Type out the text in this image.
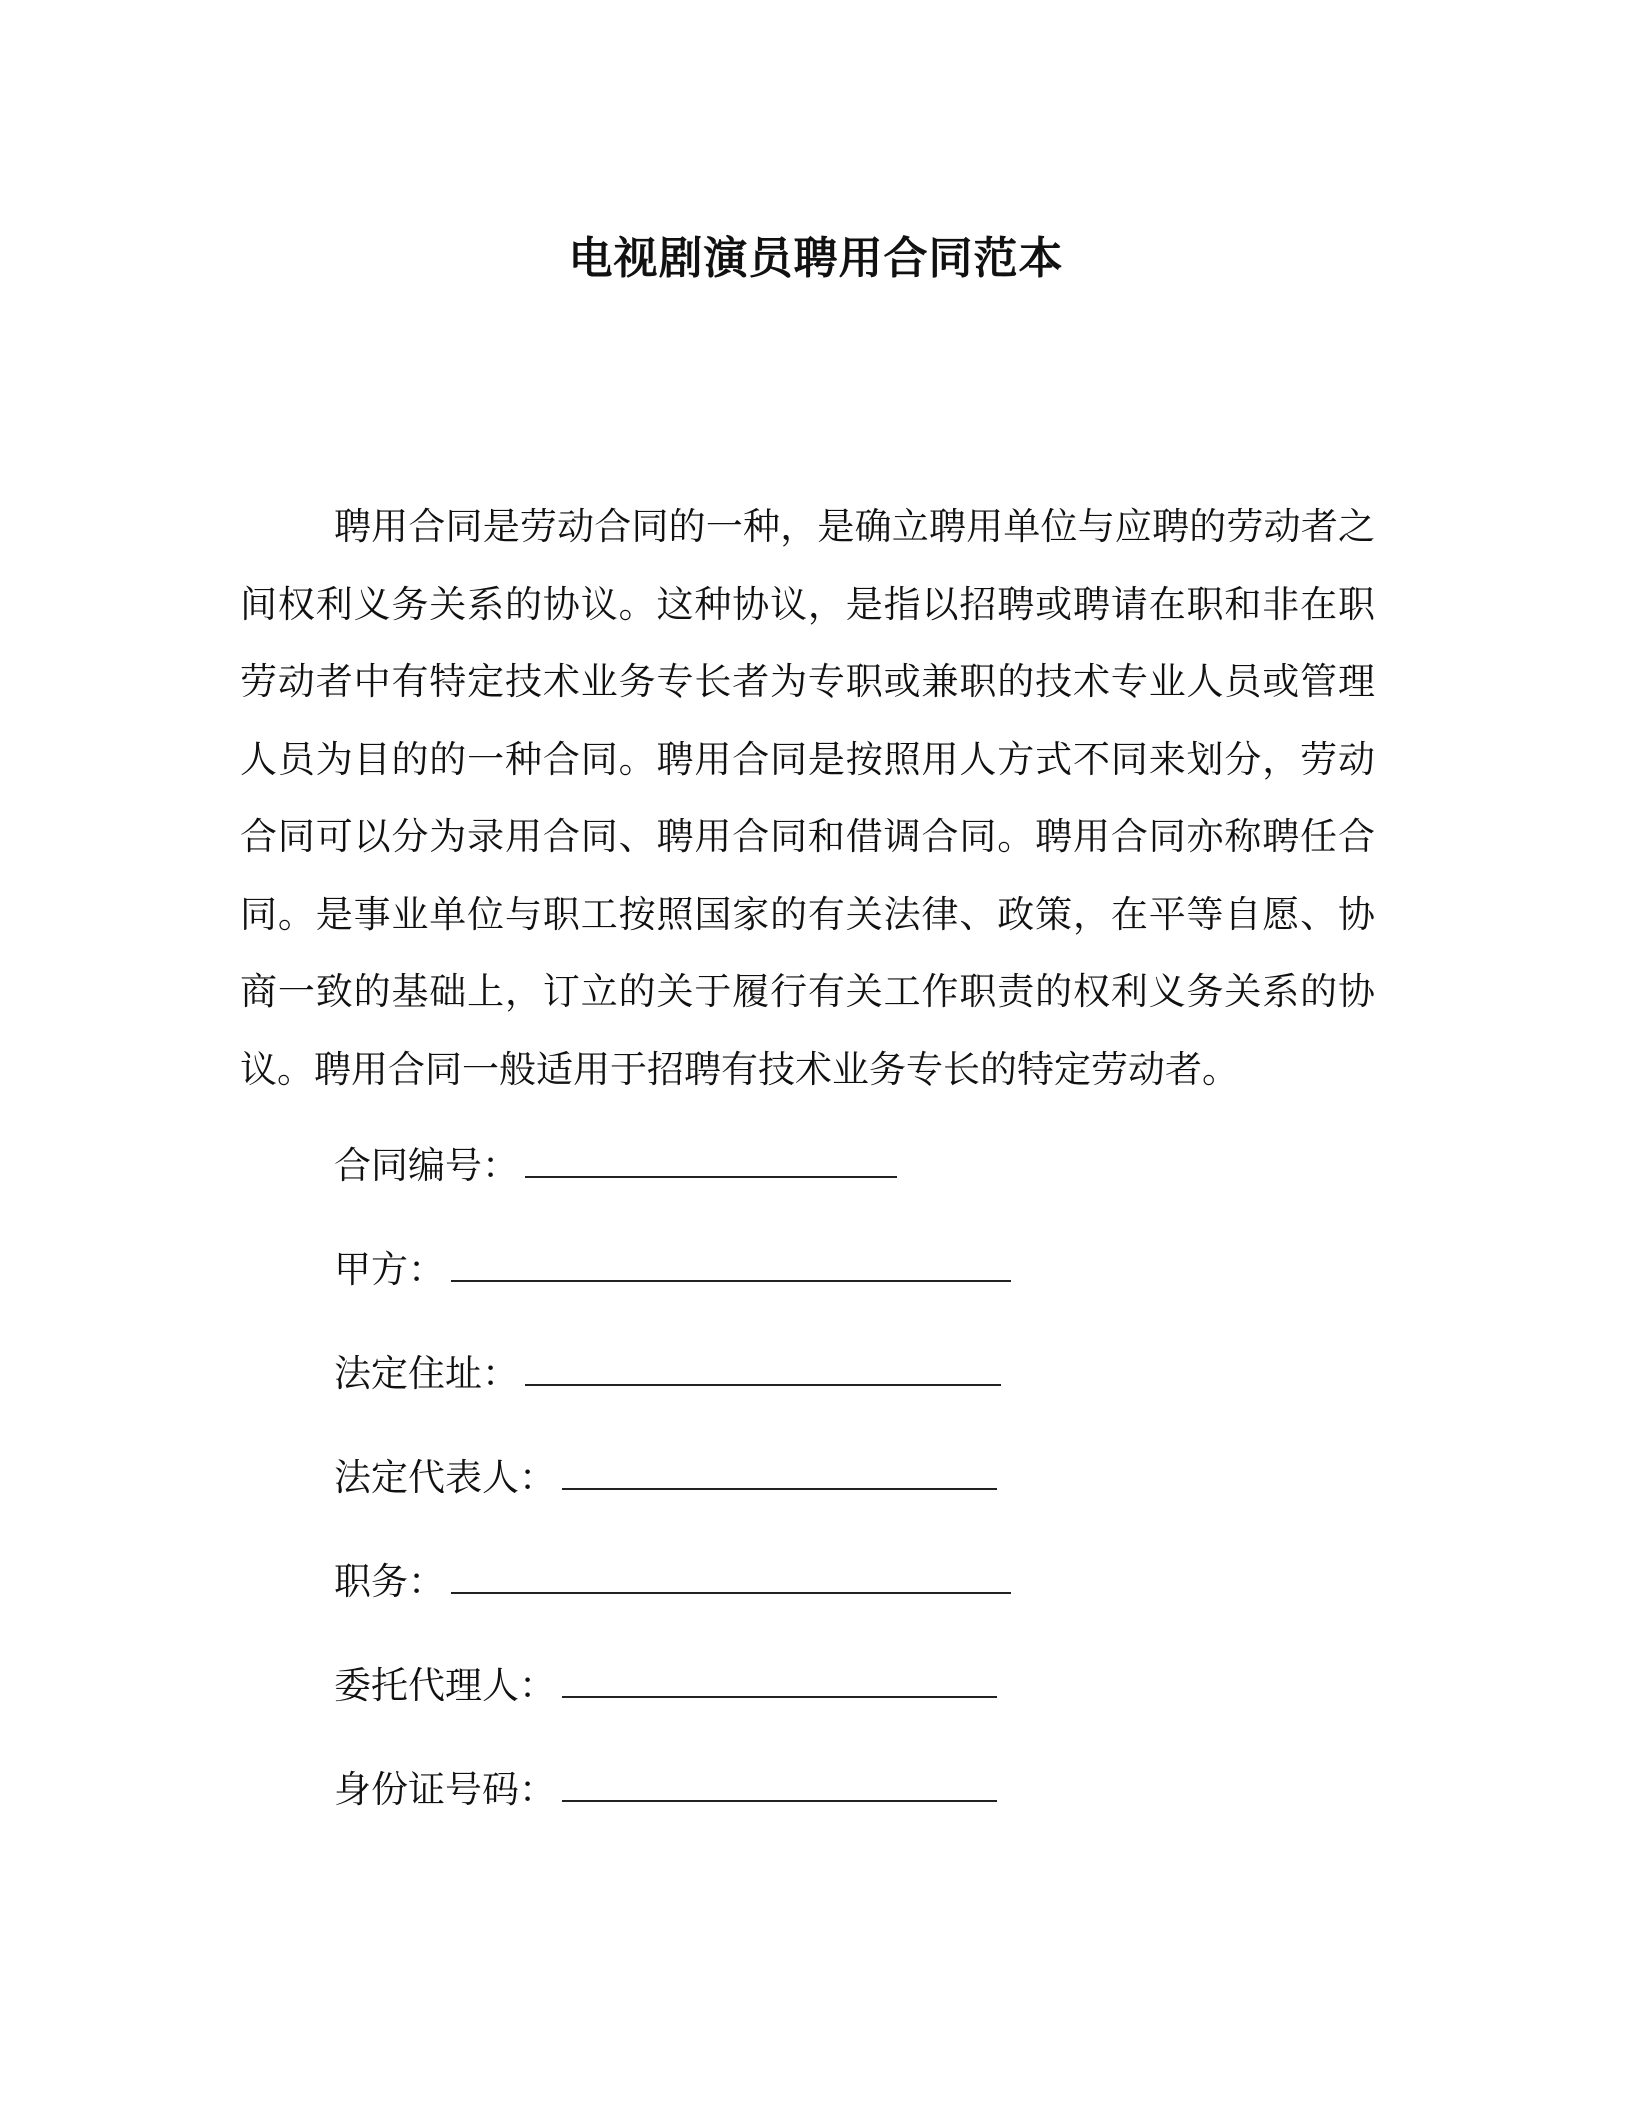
电视剧演员聘用合同范本

聘用合同是劳动合同的一种，是确立聘用单位与应聘的劳动者之间权利义务关系的协议。这种协议，是指以招聘或聘请在职和非在职劳动者中有特定技术业务专长者为专职或兼职的技术专业人员或管理人员为目的的一种合同。聘用合同是按照用人方式不同来划分，劳动合同可以分为录用合同、聘用合同和借调合同。聘用合同亦称聘任合同。是事业单位与职工按照国家的有关法律、政策，在平等自愿、协商一致的基础上，订立的关于履行有关工作职责的权利义务关系的协议。聘用合同一般适用于招聘有技术业务专长的特定劳动者。

合同编号：
甲方：
法定住址：
法定代表人：
职务：
委托代理人：
身份证号码：
